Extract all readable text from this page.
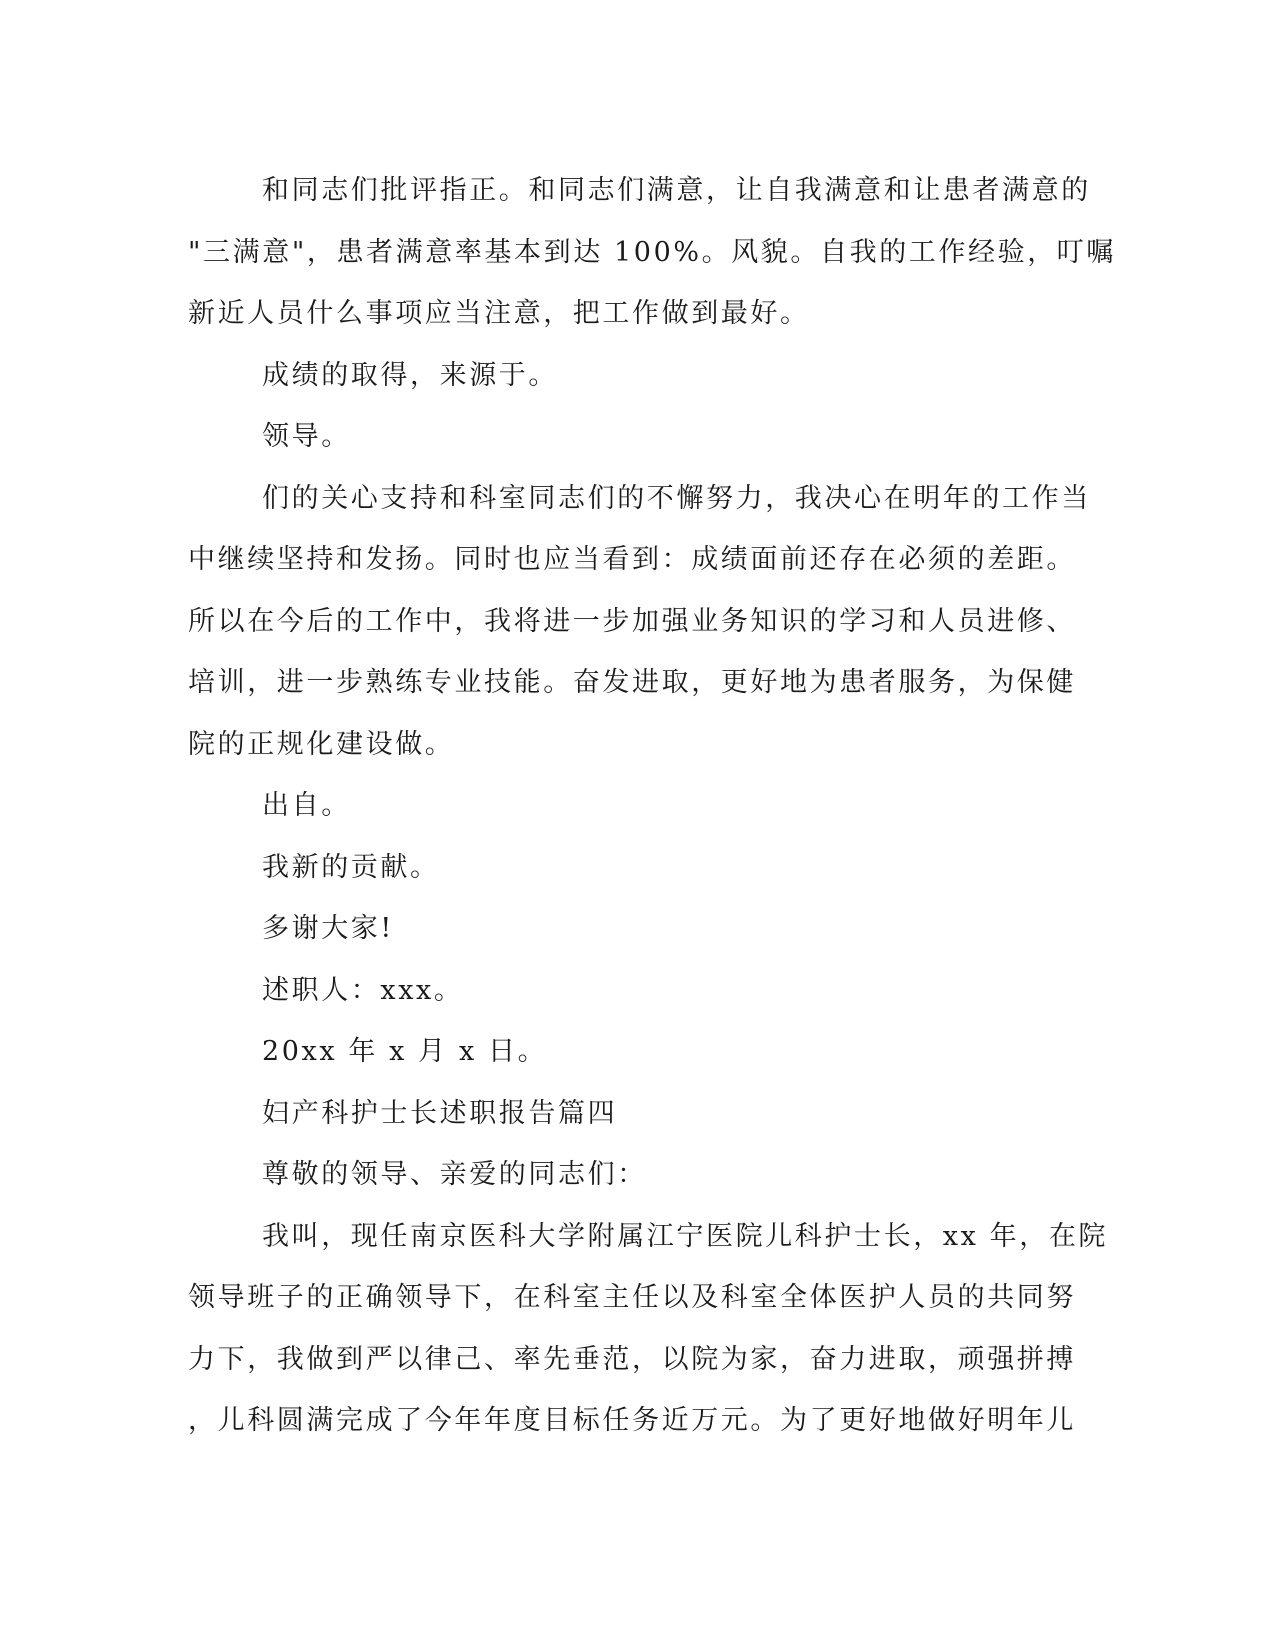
和同志们批评指正。和同志们满意，让自我满意和让患者满意的
"三满意"，患者满意率基本到达 100%。风貌。自我的工作经验，叮嘱
新近人员什么事项应当注意，把工作做到最好。
成绩的取得，来源于。
领导。
们的关心支持和科室同志们的不懈努力，我决心在明年的工作当
中继续坚持和发扬。同时也应当看到：成绩面前还存在必须的差距。
所以在今后的工作中，我将进一步加强业务知识的学习和人员进修、
培训，进一步熟练专业技能。奋发进取，更好地为患者服务，为保健
院的正规化建设做。
出自。
我新的贡献。
多谢大家!
述职人：xxx。
20xx 年 x 月 x 日。
妇产科护士长述职报告篇四
尊敬的领导、亲爱的同志们：
我叫，现任南京医科大学附属江宁医院儿科护士长，xx 年，在院
领导班子的正确领导下，在科室主任以及科室全体医护人员的共同努
力下，我做到严以律己、率先垂范，以院为家，奋力进取，顽强拼搏
，儿科圆满完成了今年年度目标任务近万元。为了更好地做好明年儿
